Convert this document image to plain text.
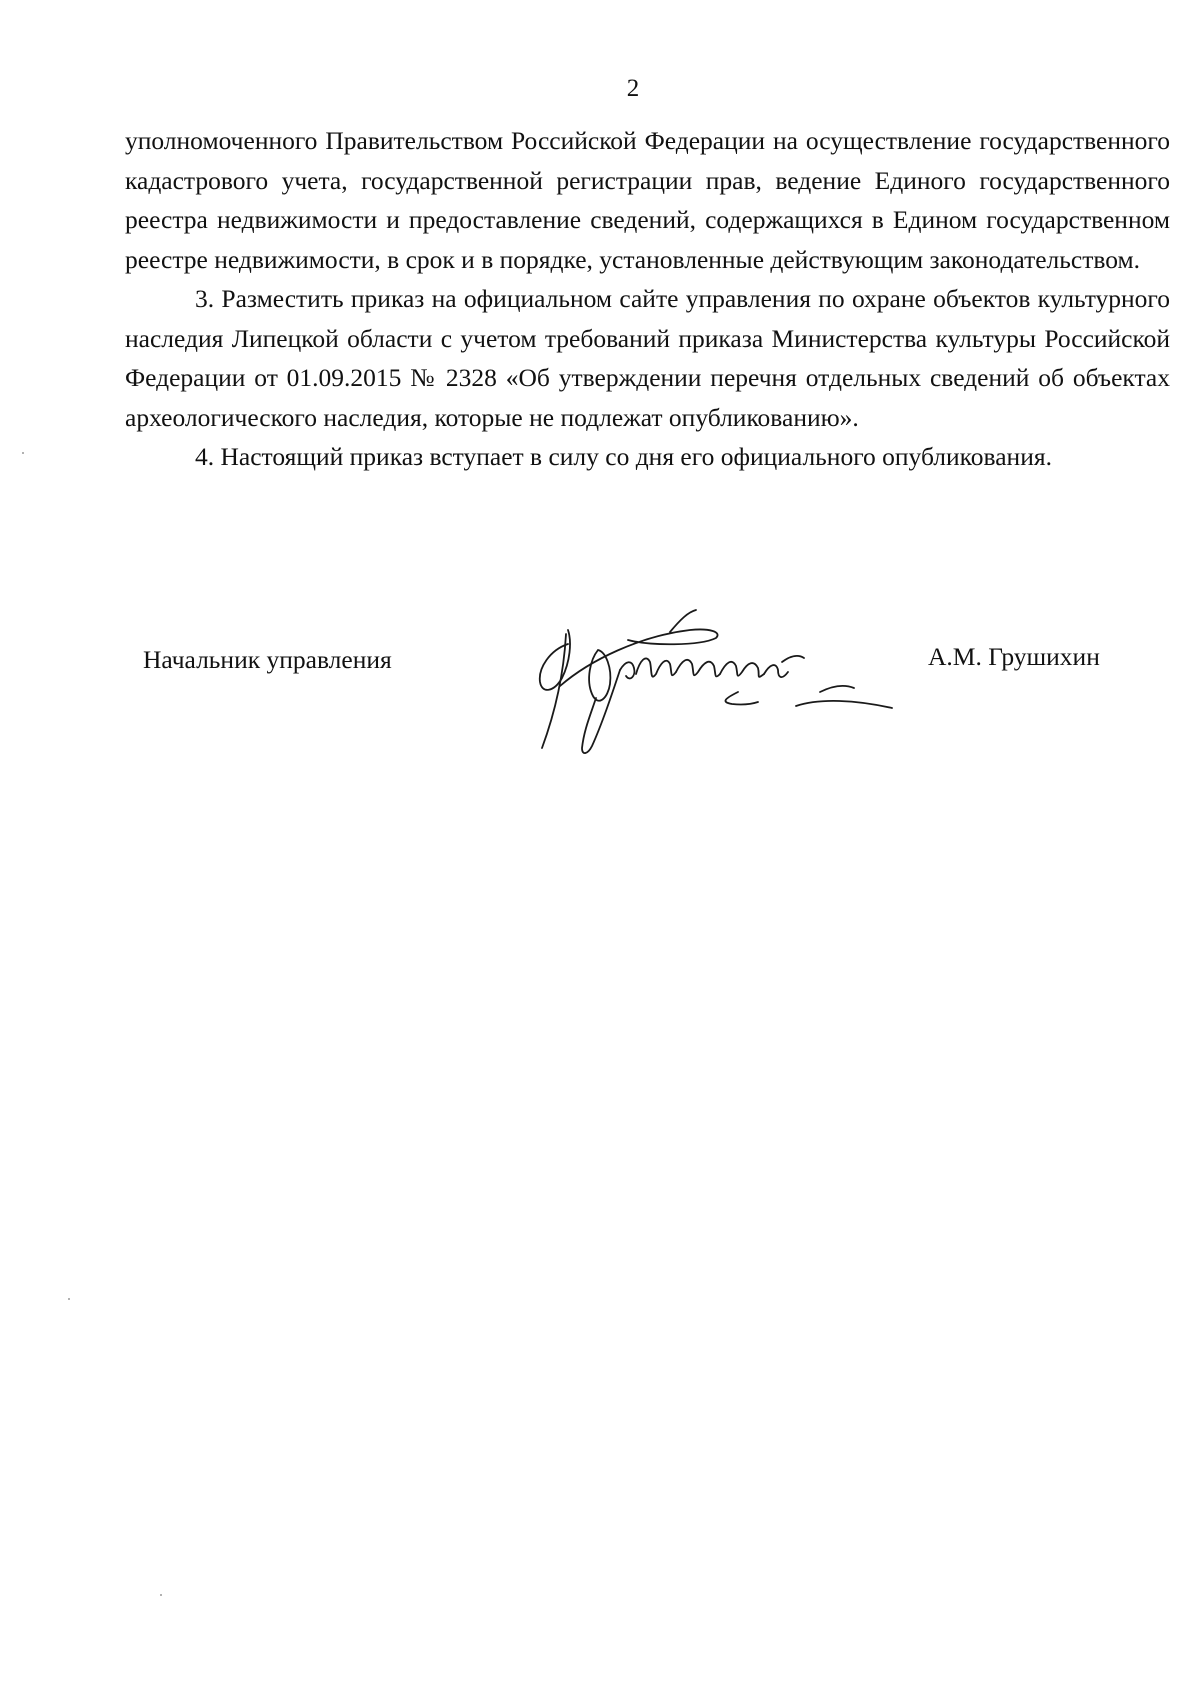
2

уполномоченного Правительством Российской Федерации на осуществление государственного кадастрового учета, государственной регистрации прав, ведение Единого государственного реестра недвижимости и предоставление сведений, содержащихся в Едином государственном реестре недвижимости, в срок и в порядке, установленные действующим законодательством.

3. Разместить приказ на официальном сайте управления по охране объектов культурного наследия Липецкой области с учетом требований приказа Министерства культуры Российской Федерации от 01.09.2015 № 2328 «Об утверждении перечня отдельных сведений об объектах археологического наследия, которые не подлежат опубликованию».

4. Настоящий приказ вступает в силу со дня его официального опубликования.

Начальник управления	А.М. Грушихин
